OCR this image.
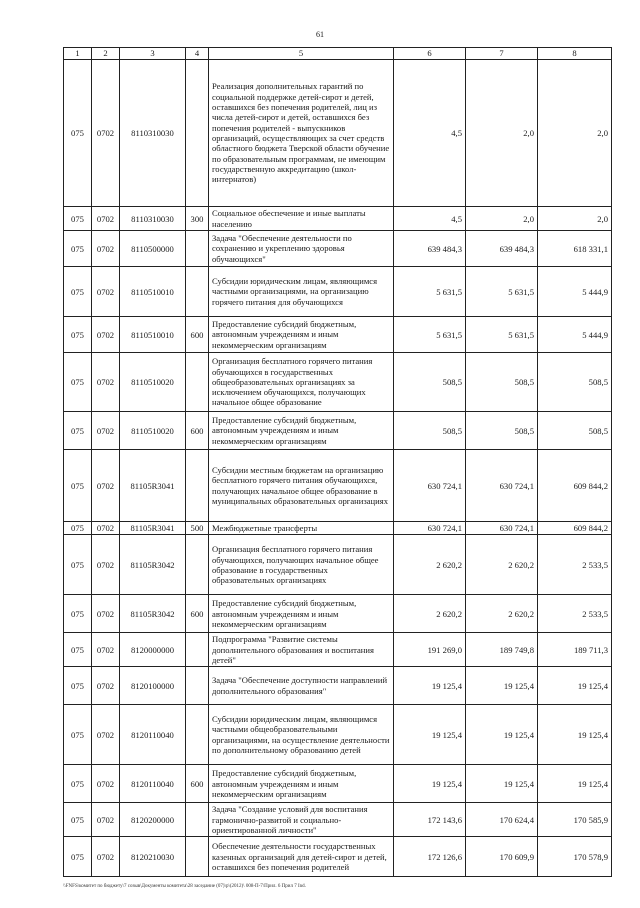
61
1	2	3	4	5	6	7	8
075	0702	8110310030		Реализация дополнительных гарантий по социальной поддержке детей-сирот и детей, оставшихся без попечения родителей, лиц из числа детей-сирот и детей, оставшихся без попечения родителей - выпускников организаций, осуществляющих за счет средств областного бюджета Тверской области обучение по образовательным программам, не имеющим государственную аккредитацию (школ-интернатов)	4,5	2,0	2,0
075	0702	8110310030	300	Социальное обеспечение и иные выплаты населению	4,5	2,0	2,0
075	0702	8110500000		Задача "Обеспечение деятельности по сохранению и укреплению здоровья обучающихся"	639 484,3	639 484,3	618 331,1
075	0702	8110510010		Субсидии юридическим лицам, являющимся частными организациями, на организацию горячего питания для обучающихся	5 631,5	5 631,5	5 444,9
075	0702	8110510010	600	Предоставление субсидий бюджетным, автономным учреждениям и иным некоммерческим организациям	5 631,5	5 631,5	5 444,9
075	0702	8110510020		Организация бесплатного горячего питания обучающихся в государственных общеобразовательных организациях за исключением обучающихся, получающих начальное общее образование	508,5	508,5	508,5
075	0702	8110510020	600	Предоставление субсидий бюджетным, автономным учреждениям и иным некоммерческим организациям	508,5	508,5	508,5
075	0702	81105R3041		Субсидии местным бюджетам на организацию бесплатного горячего питания обучающихся, получающих начальное общее образование в муниципальных образовательных организациях	630 724,1	630 724,1	609 844,2
075	0702	81105R3041	500	Межбюджетные трансферты	630 724,1	630 724,1	609 844,2
075	0702	81105R3042		Организация бесплатного горячего питания обучающихся, получающих начальное общее образование в государственных образовательных организациях	2 620,2	2 620,2	2 533,5
075	0702	81105R3042	600	Предоставление субсидий бюджетным, автономным учреждениям и иным некоммерческим организациям	2 620,2	2 620,2	2 533,5
075	0702	8120000000		Подпрограмма "Развитие системы дополнительного образования и воспитания детей"	191 269,0	189 749,8	189 711,3
075	0702	8120100000		Задача "Обеспечение доступности направлений дополнительного образования"	19 125,4	19 125,4	19 125,4
075	0702	8120110040		Субсидии юридическим лицам, являющимся частными общеобразовательными организациями, на осуществление деятельности по дополнительному образованию детей	19 125,4	19 125,4	19 125,4
075	0702	8120110040	600	Предоставление субсидий бюджетным, автономным учреждениям и иным некоммерческим организациям	19 125,4	19 125,4	19 125,4
075	0702	8120200000		Задача "Создание условий для воспитания гармонично-развитой и социально-ориентированной личности"	172 143,6	170 624,4	170 585,9
075	0702	8120210030		Обеспечение деятельности государственных казенных организаций для детей-сирот и детей, оставшихся без попечения родителей	172 126,6	170 609,9	170 578,9
\\FNFS\комитет по бюджету\7 созыв\Документы комитета\28 заседание (07)\р\(2012)\ 008-П-7\Прил. 6 Прил 7 Ind.
